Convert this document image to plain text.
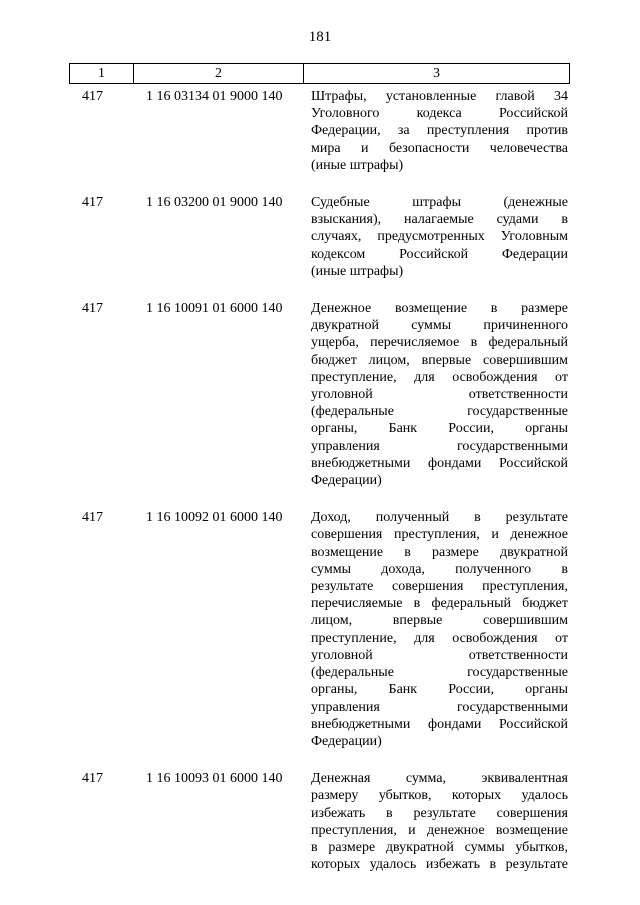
181
1	2	3
417	1 16 03134 01 9000 140	Штрафы, установленные главой 34
Уголовного кодекса Российской
Федерации, за преступления против
мира и безопасности человечества
(иные штрафы)
417	1 16 03200 01 9000 140	Судебные штрафы (денежные
взыскания), налагаемые судами в
случаях, предусмотренных Уголовным
кодексом Российской Федерации
(иные штрафы)
417	1 16 10091 01 6000 140	Денежное возмещение в размере
двукратной суммы причиненного
ущерба, перечисляемое в федеральный
бюджет лицом, впервые совершившим
преступление, для освобождения от
уголовной ответственности
(федеральные государственные
органы, Банк России, органы
управления государственными
внебюджетными фондами Российской
Федерации)
417	1 16 10092 01 6000 140	Доход, полученный в результате
совершения преступления, и денежное
возмещение в размере двукратной
суммы дохода, полученного в
результате совершения преступления,
перечисляемые в федеральный бюджет
лицом, впервые совершившим
преступление, для освобождения от
уголовной ответственности
(федеральные государственные
органы, Банк России, органы
управления государственными
внебюджетными фондами Российской
Федерации)
417	1 16 10093 01 6000 140	Денежная сумма, эквивалентная
размеру убытков, которых удалось
избежать в результате совершения
преступления, и денежное возмещение
в размере двукратной суммы убытков,
которых удалось избежать в результате
